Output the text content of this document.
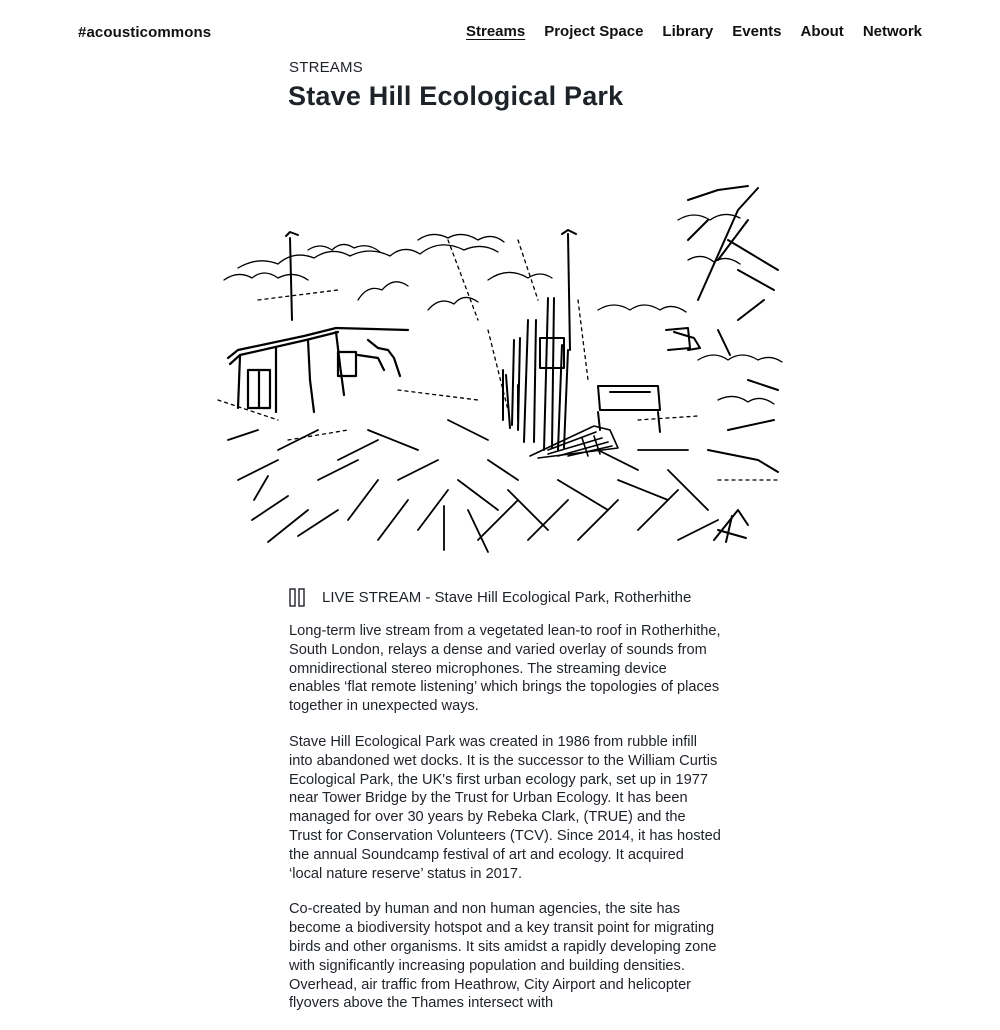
#acousticommons	Streams Project Space Library Events About Network
STREAMS
Stave Hill Ecological Park
LIVE STREAM - Stave Hill Ecological Park, Rotherhithe

Long-term live stream from a vegetated lean-to roof in Rotherhithe, South London, relays a dense and varied overlay of sounds from omnidirectional stereo microphones. The streaming device enables ‘flat remote listening’ which brings the topologies of places together in unexpected ways.

Stave Hill Ecological Park was created in 1986 from rubble infill into abandoned wet docks. It is the successor to the William Curtis Ecological Park, the UK's first urban ecology park, set up in 1977 near Tower Bridge by the Trust for Urban Ecology. It has been managed for over 30 years by Rebeka Clark, (TRUE) and the Trust for Conservation Volunteers (TCV). Since 2014, it has hosted the annual Soundcamp festival of art and ecology. It acquired ‘local nature reserve’ status in 2017.

Co-created by human and non human agencies, the site has become a biodiversity hotspot and a key transit point for migrating birds and other organisms. It sits amidst a rapidly developing zone with significantly increasing population and building densities. Overhead, air traffic from Heathrow, City Airport and helicopter flyovers above the Thames intersect with
